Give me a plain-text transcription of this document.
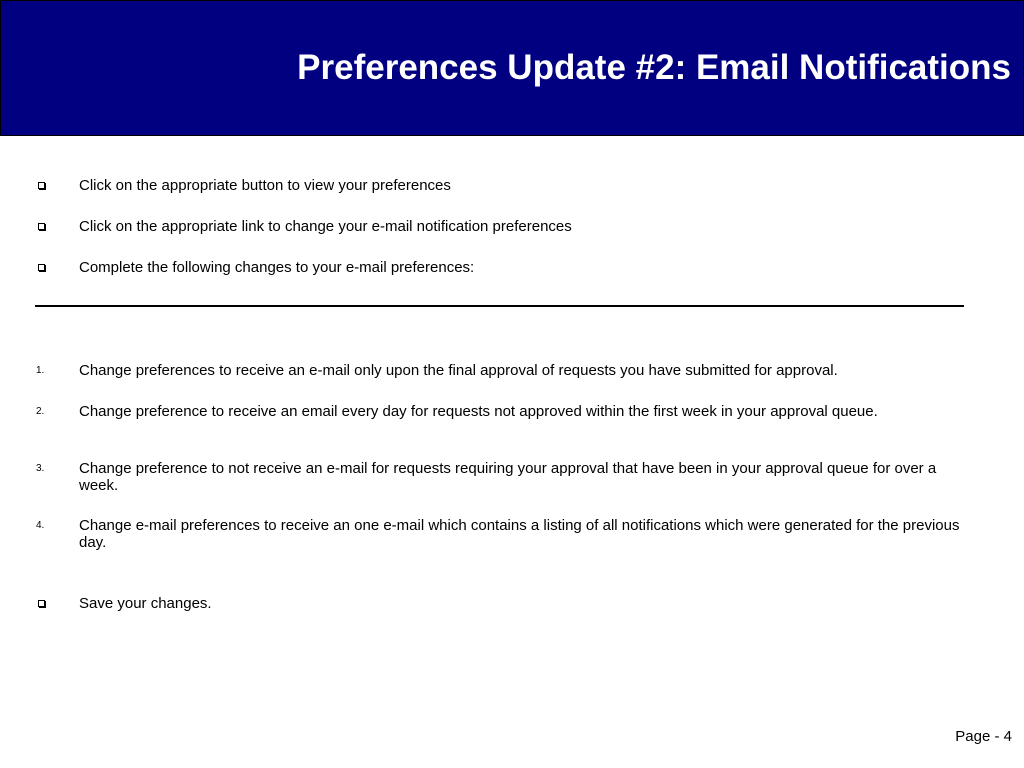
Preferences Update #2: Email Notifications
Click on the appropriate button to view your preferences
Click on the appropriate link to change your e-mail notification preferences
Complete the following changes to your e-mail preferences:
1. Change preferences to receive an e-mail only upon the final approval of requests you have submitted for approval.
2. Change preference to receive an email every day for requests not approved within the first week in your approval queue.
3. Change preference to not receive an e-mail for requests requiring your approval that have been in your approval queue for over a week.
4. Change e-mail preferences to receive an one e-mail which contains a listing of all notifications which were generated for the previous day.
Save your changes.
Page - 4
